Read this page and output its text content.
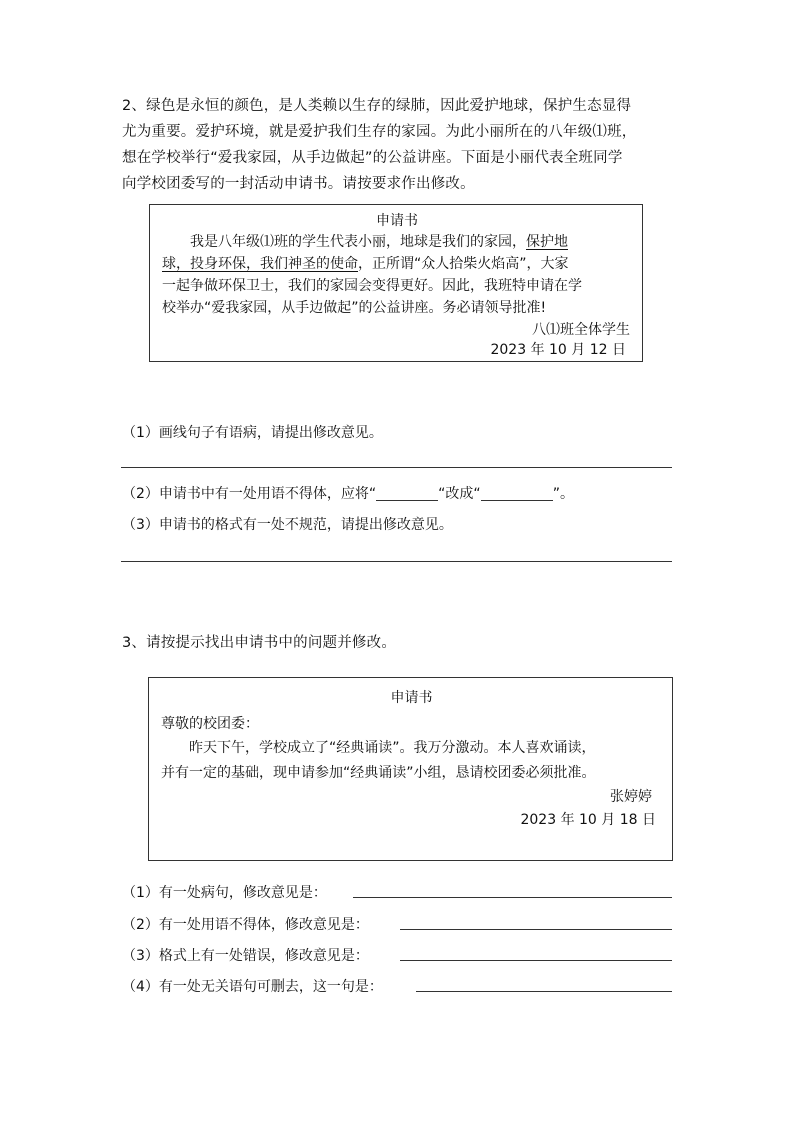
2、绿色是永恒的颜色，是人类赖以生存的绿肺，因此爱护地球，保护生态显得
尤为重要。爱护环境，就是爱护我们生存的家园。为此小丽所在的八年级⑴班，
想在学校举行“爱我家园，从手边做起”的公益讲座。下面是小丽代表全班同学
向学校团委写的一封活动申请书。请按要求作出修改。
申请书
我是八年级⑴班的学生代表小丽，地球是我们的家园，保护地
球，投身环保，我们神圣的使命，正所谓“众人拾柴火焰高”，大家
一起争做环保卫士，我们的家园会变得更好。因此，我班特申请在学
校举办“爱我家园，从手边做起”的公益讲座。务必请领导批准!
八⑴班全体学生
2023 年 10 月 12 日
（1）画线句子有语病，请提出修改意见。
（2）申请书中有一处用语不得体，应将“	“改成“	”。
（3）申请书的格式有一处不规范，请提出修改意见。
3、请按提示找出申请书中的问题并修改。
申请书
尊敬的校团委：
昨天下午，学校成立了“经典诵读”。我万分激动。本人喜欢诵读，
并有一定的基础，现申请参加“经典诵读”小组，恳请校团委必须批准。
张婷婷
2023 年 10 月 18 日
（1）有一处病句，修改意见是：
（2）有一处用语不得体，修改意见是：
（3）格式上有一处错误，修改意见是：
（4）有一处无关语句可删去，这一句是：
